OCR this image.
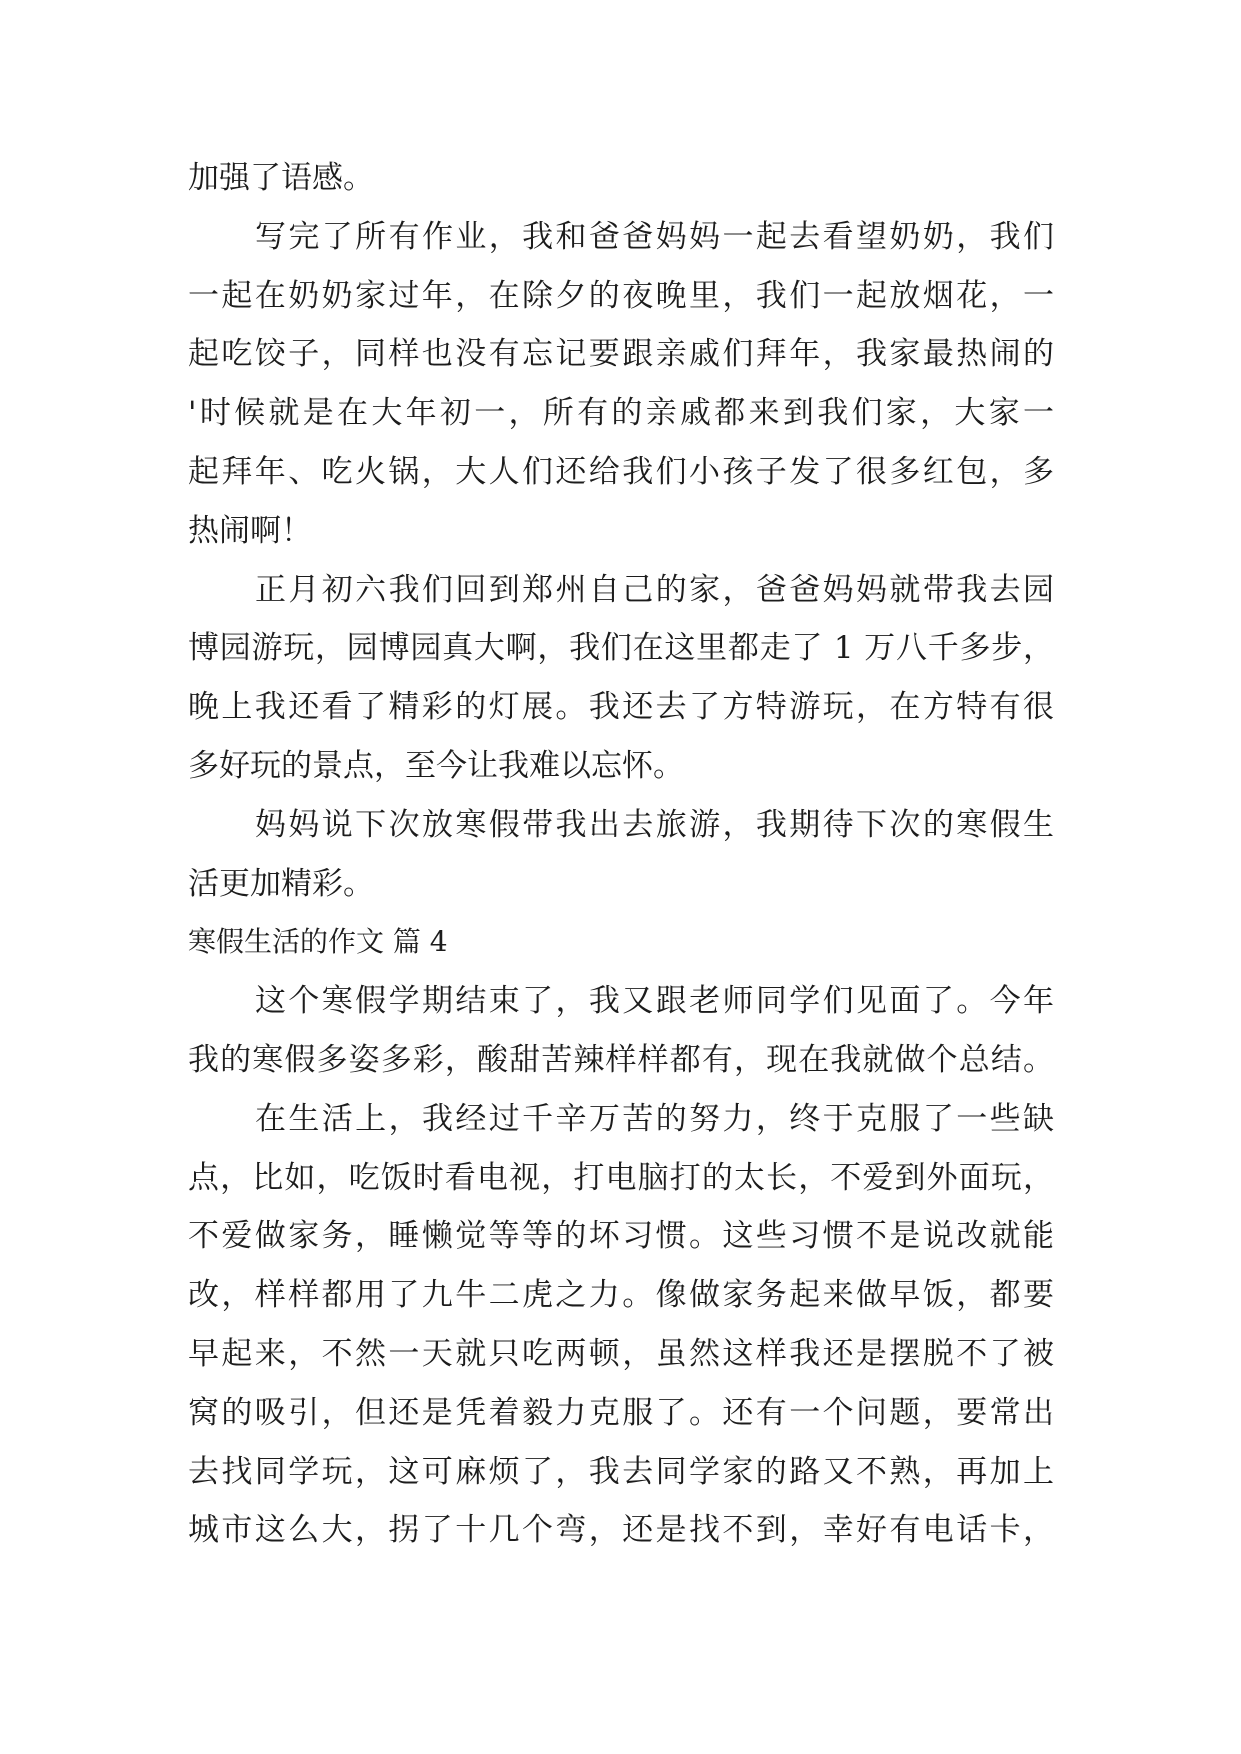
加强了语感。
写完了所有作业，我和爸爸妈妈一起去看望奶奶，我们
一起在奶奶家过年，在除夕的夜晚里，我们一起放烟花，一
起吃饺子，同样也没有忘记要跟亲戚们拜年，我家最热闹的
'时候就是在大年初一，所有的亲戚都来到我们家，大家一
起拜年、吃火锅，大人们还给我们小孩子发了很多红包，多
热闹啊！
正月初六我们回到郑州自己的家，爸爸妈妈就带我去园
博园游玩，园博园真大啊，我们在这里都走了 1 万八千多步，
晚上我还看了精彩的灯展。我还去了方特游玩，在方特有很
多好玩的景点，至今让我难以忘怀。
妈妈说下次放寒假带我出去旅游，我期待下次的寒假生
活更加精彩。
寒假生活的作文 篇 4
这个寒假学期结束了，我又跟老师同学们见面了。今年
我的寒假多姿多彩，酸甜苦辣样样都有，现在我就做个总结。
在生活上，我经过千辛万苦的努力，终于克服了一些缺
点，比如，吃饭时看电视，打电脑打的太长，不爱到外面玩，
不爱做家务，睡懒觉等等的坏习惯。这些习惯不是说改就能
改，样样都用了九牛二虎之力。像做家务起来做早饭，都要
早起来，不然一天就只吃两顿，虽然这样我还是摆脱不了被
窝的吸引，但还是凭着毅力克服了。还有一个问题，要常出
去找同学玩，这可麻烦了，我去同学家的路又不熟，再加上
城市这么大，拐了十几个弯，还是找不到，幸好有电话卡，
